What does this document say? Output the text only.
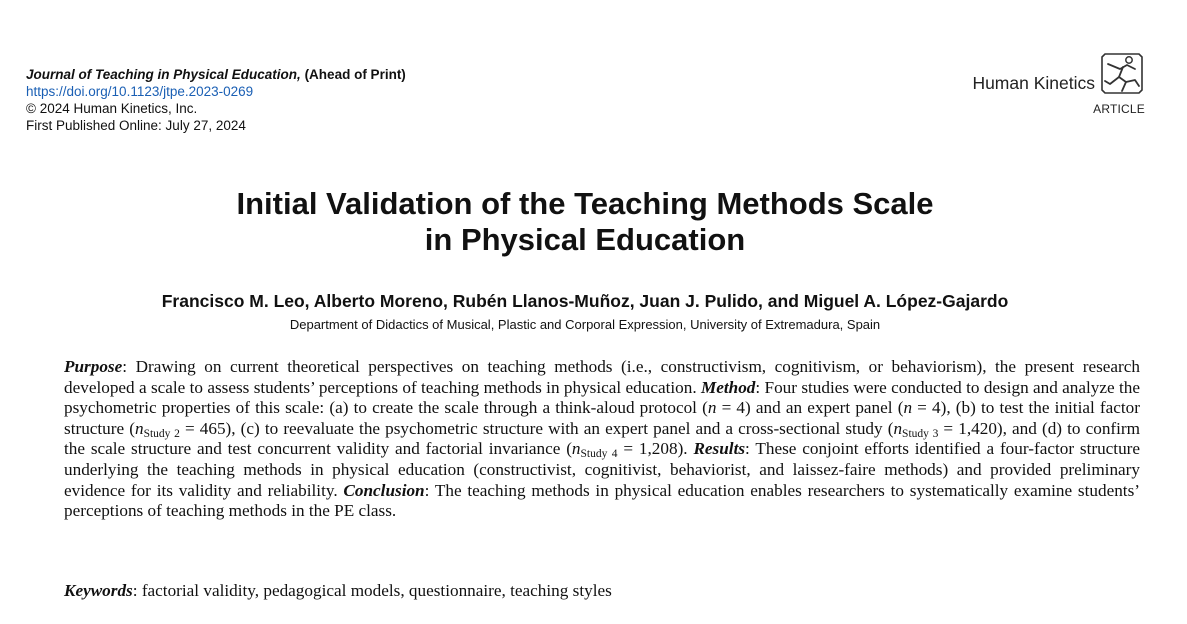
Journal of Teaching in Physical Education, (Ahead of Print)
https://doi.org/10.1123/jtpe.2023-0269
© 2024 Human Kinetics, Inc.
First Published Online: July 27, 2024
Human Kinetics
ARTICLE
Initial Validation of the Teaching Methods Scale
in Physical Education
Francisco M. Leo, Alberto Moreno, Rubén Llanos-Muñoz, Juan J. Pulido, and Miguel A. López-Gajardo
Department of Didactics of Musical, Plastic and Corporal Expression, University of Extremadura, Spain

Purpose: Drawing on current theoretical perspectives on teaching methods (i.e., constructivism, cognitivism, or behaviorism), the present research developed a scale to assess students’ perceptions of teaching methods in physical education. Method: Four studies were conducted to design and analyze the psychometric properties of this scale: (a) to create the scale through a think-aloud protocol (n = 4) and an expert panel (n = 4), (b) to test the initial factor structure $(n_{Study 2} = 465)$, (c) to reevaluate the psychometric structure with an expert panel and a cross-sectional study $(n_{Study 3} = 1,420)$, and (d) to confirm the scale structure and test concurrent validity and factorial invariance $(n_{Study 4} = 1,208)$. Results: These conjoint efforts identified a four-factor structure underlying the teaching methods in physical education (constructivist, cognitivist, behaviorist, and laissez-faire methods) and provided preliminary evidence for its validity and reliability. Conclusion: The teaching methods in physical education enables researchers to systematically examine students’ perceptions of teaching methods in the PE class.

Keywords: factorial validity, pedagogical models, questionnaire, teaching styles
